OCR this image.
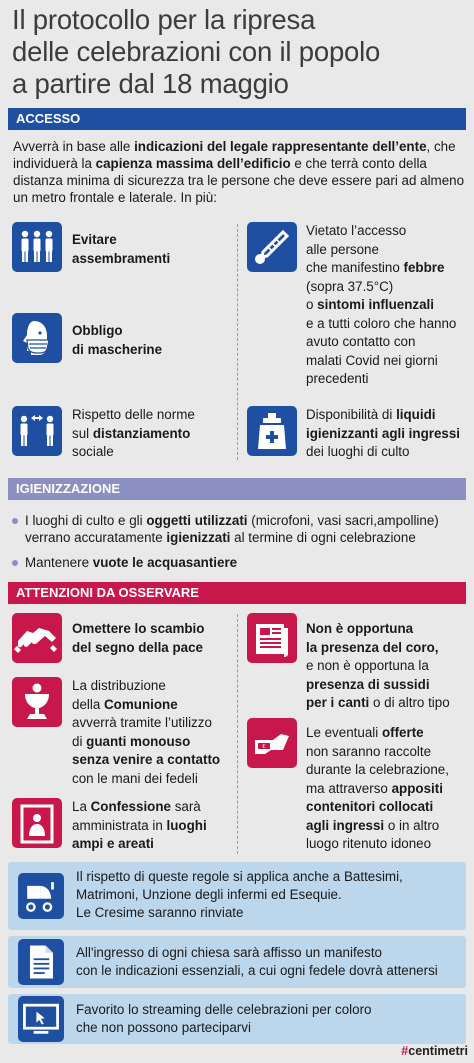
Il protocollo per la ripresa
delle celebrazioni con il popolo
a partire dal 18 maggio
ACCESSO
Avverrà in base alle indicazioni del legale rappresentante dell’ente, che individuerà la capienza massima dell’edificio e che terrà conto della distanza minima di sicurezza tra le persone che deve essere pari ad almeno un metro frontale e laterale. In più:
Evitare
assembramenti
Obbligo
di mascherine
Rispetto delle norme
sul distanziamento
sociale
Vietato l’accesso
alle persone
che manifestino febbre
(sopra 37.5°C)
o sintomi influenzali
e a tutti coloro che hanno
avuto contatto con
malati Covid nei giorni
precedenti
Disponibilità di liquidi
igienizzanti agli ingressi
dei luoghi di culto
IGIENIZZAZIONE
I luoghi di culto e gli oggetti utilizzati (microfoni, vasi sacri,ampolline) verrano accuratamente igienizzati al termine di ogni celebrazione
Mantenere vuote le acquasantiere
ATTENZIONI DA OSSERVARE
Omettere lo scambio
del segno della pace
La distribuzione
della Comunione
avverrà tramite l’utilizzo
di guanti monouso
senza venire a contatto
con le mani dei fedeli
La Confessione sarà
amministrata in luoghi
ampi e areati
Non è opportuna
la presenza del coro,
e non è opportuna la
presenza di sussidi
per i canti o di altro tipo
€
Le eventuali offerte
non saranno raccolte
durante la celebrazione,
ma attraverso appositi
contenitori collocati
agli ingressi o in altro
luogo ritenuto idoneo
Il rispetto di queste regole si applica anche a Battesimi,
Matrimoni, Unzione degli infermi ed Esequie.
Le Cresime saranno rinviate
All'ingresso di ogni chiesa sarà affisso un manifesto
con le indicazioni essenziali, a cui ogni fedele dovrà attenersi
Favorito lo streaming delle celebrazioni per coloro
che non possono parteciparvi
#centimetri
